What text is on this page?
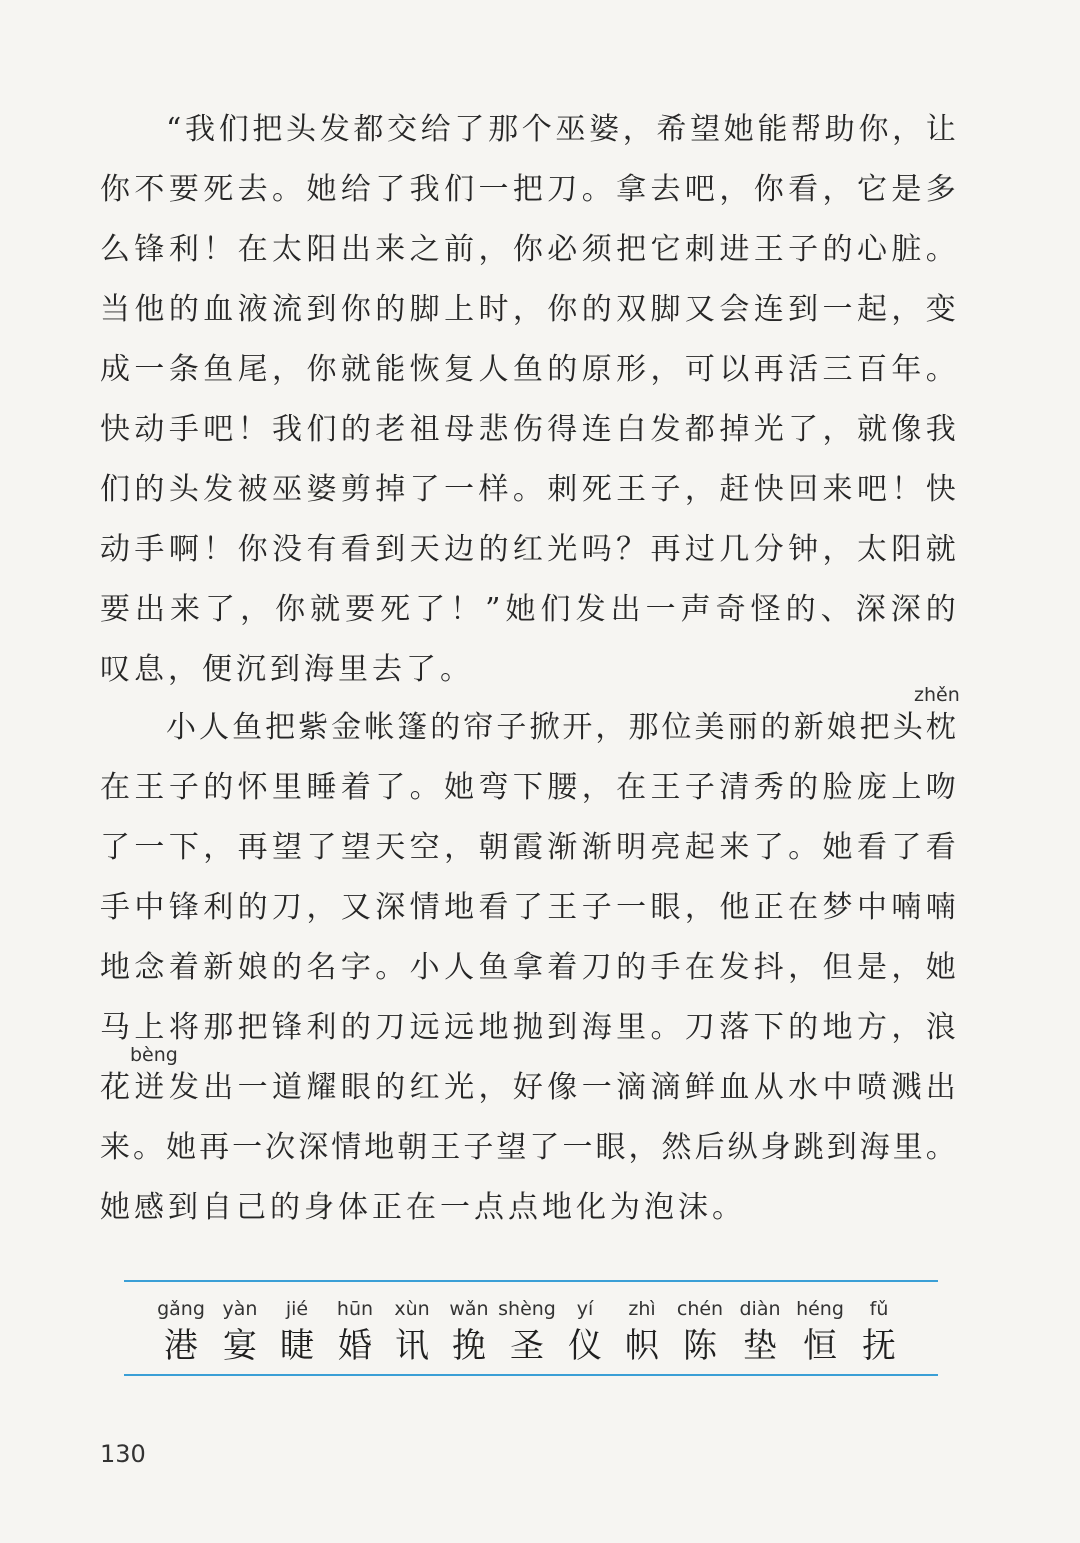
“ 我 们 把 头 发 都 交 给 了 那 个 巫 婆 ， 希 望 她 能 帮 助 你 ， 让
你 不 要 死 去 。 她 给 了 我 们 一 把 刀 。 拿 去 吧 ， 你 看 ， 它 是 多
么 锋 利 ！ 在 太 阳 出 来 之 前 ， 你 必 须 把 它 刺 进 王 子 的 心 脏 。
当 他 的 血 液 流 到 你 的 脚 上 时 ， 你 的 双 脚 又 会 连 到 一 起 ， 变
成 一 条 鱼 尾 ， 你 就 能 恢 复 人 鱼 的 原 形 ， 可 以 再 活 三 百 年 。
快 动 手 吧 ！ 我 们 的 老 祖 母 悲 伤 得 连 白 发 都 掉 光 了 ， 就 像 我
们 的 头 发 被 巫 婆 剪 掉 了 一 样 。 刺 死 王 子 ， 赶 快 回 来 吧 ！ 快
动 手 啊 ！ 你 没 有 看 到 天 边 的 红 光 吗 ？ 再 过 几 分 钟 ， 太 阳 就
要 出 来 了 ， 你 就 要 死 了 ！ ” 她 们 发 出 一 声 奇 怪 的 、 深 深 的
叹 息 ， 便 沉 到 海 里 去 了 。
zhěn
小 人 鱼 把 紫 金 帐 篷 的 帘 子 掀 开 ， 那 位 美 丽 的 新 娘 把 头 枕
在 王 子 的 怀 里 睡 着 了 。 她 弯 下 腰 ， 在 王 子 清 秀 的 脸 庞 上 吻
了 一 下 ， 再 望 了 望 天 空 ， 朝 霞 渐 渐 明 亮 起 来 了 。 她 看 了 看
手 中 锋 利 的 刀 ， 又 深 情 地 看 了 王 子 一 眼 ， 他 正 在 梦 中 喃 喃
地 念 着 新 娘 的 名 字 。 小 人 鱼 拿 着 刀 的 手 在 发 抖 ， 但 是 ， 她
马 上 将 那 把 锋 利 的 刀 远 远 地 抛 到 海 里 。 刀 落 下 的 地 方 ， 浪
花 迸 发 出 一 道 耀 眼 的 红 光 ， 好 像 一 滴 滴 鲜 血 从 水 中 喷 溅 出
来 。 她 再 一 次 深 情 地 朝 王 子 望 了 一 眼 ， 然 后 纵 身 跳 到 海 里 。
她 感 到 自 己 的 身 体 正 在 一 点 点 地 化 为 泡 沫 。
bèng
gǎng
港
yàn
宴
jié
睫
hūn
婚
xùn
讯
wǎn
挽
shèng
圣
yí
仪
zhì
帜
chén
陈
diàn
垫
héng
恒
fǔ
抚
130
